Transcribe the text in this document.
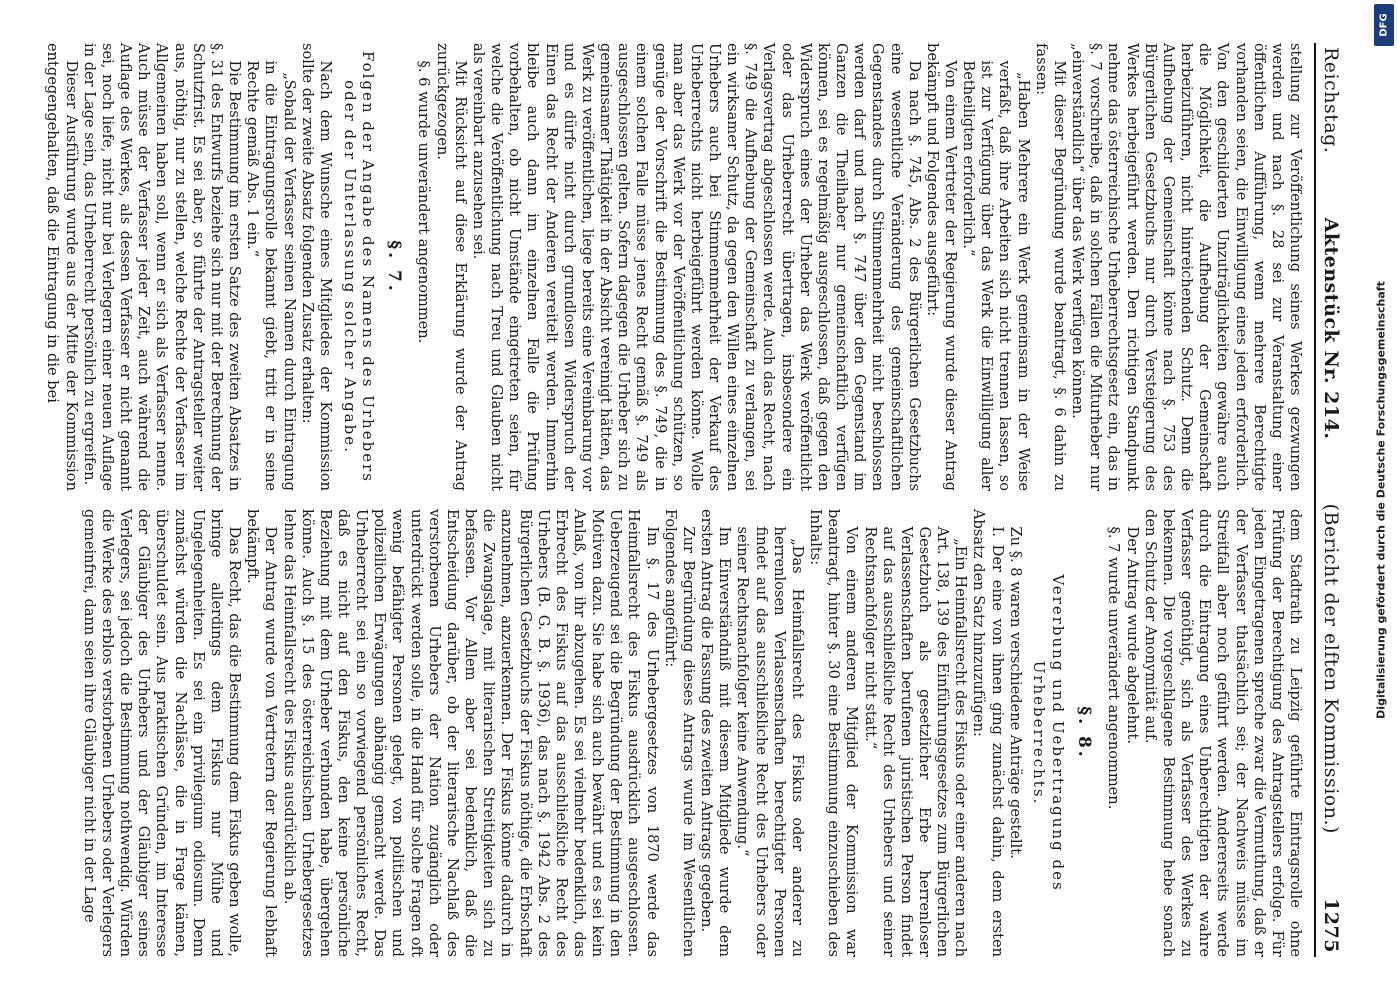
Reichstag.
Aktenstück Nr. 214.
(Bericht der elften Kommission.)
1275

stellung zur Veröffentlichung seines Werkes gezwungen werden und nach §. 28 sei zur Veranstaltung einer öffentlichen Aufführung, wenn mehrere Berechtigte vorhanden seien, die Einwilligung eines jeden erforderlich. Von den geschilderten Unzuträglichkeiten gewähre auch die Möglichkeit, die Aufhebung der Gemeinschaft herbeizuführen, nicht hinreichenden Schutz. Denn die Aufhebung der Gemeinschaft könne nach §. 753 des Bürgerlichen Gesetzbuchs nur durch Versteigerung des Werkes herbeigeführt werden. Den richtigen Standpunkt nehme das österreichische Urheberrechtsgesetz ein, das in §. 7 vorschreibe, daß in solchen Fällen die Miturheber nur „einverständlich“ über das Werk verfügen können.

Mit dieser Begründung wurde beantragt, §. 6 dahin zu fassen:

„Haben Mehrere ein Werk gemeinsam in der Weise verfaßt, daß ihre Arbeiten sich nicht trennen lassen, so ist zur Verfügung über das Werk die Einwilligung aller Betheiligten erforderlich.“

Von einem Vertreter der Regierung wurde dieser Antrag bekämpft und Folgendes ausgeführt:

Da nach §. 745, Abs. 2 des Bürgerlichen Gesetzbuchs eine wesentliche Veränderung des gemeinschaftlichen Gegenstandes durch Stimmenmehrheit nicht beschlossen werden darf und nach §. 747 über den Gegenstand im Ganzen die Theilhaber nur gemeinschaftlich verfügen können, sei es regelmäßig ausgeschlossen, daß gegen den Widerspruch eines der Urheber das Werk veröffentlicht oder das Urheberrecht übertragen, insbesondere ein Verlagsvertrag abgeschlossen werde. Auch das Recht, nach §. 749 die Aufhebung der Gemeinschaft zu verlangen, sei ein wirksamer Schutz, da gegen den Willen eines einzelnen Urhebers auch bei Stimmenmehrheit der Verkauf des Urheberrechts nicht herbeigeführt werden könne. Wolle man aber das Werk vor der Veröffentlichung schützen, so genüge der Vorschrift die Bestimmung des §. 749, die in einem solchen Falle müsse jenes Recht gemäß §. 749 als ausgeschlossen gelten. Sofern dagegen die Urheber sich zu gemeinsamer Thätigkeit in der Absicht vereinigt hätten, das Werk zu veröffentlichen, liege bereits eine Vereinbarung vor und es dürfe nicht durch grundlosen Widerspruch der Einen das Recht der Anderen vereitelt werden. Immerhin bleibe auch dann im einzelnen Falle die Prüfung vorbehalten, ob nicht Umstände eingetreten seien, für welche die Veröffentlichung nach Treu und Glauben nicht als vereinbart anzusehen sei.

Mit Rücksicht auf diese Erklärung wurde der Antrag zurückgezogen.

§. 6 wurde unverändert angenommen.

§. 7.

Folgen der Angabe des Namens des Urhebers oder der Unterlassung solcher Angabe.

Nach dem Wunsche eines Mitgliedes der Kommission sollte der zweite Absatz folgenden Zusatz erhalten:

„Sobald der Verfasser seinen Namen durch Eintragung in die Eintragungsrolle bekannt giebt, tritt er in seine Rechte gemäß Abs. 1 ein.“

Die Bestimmung im ersten Satze des zweiten Absatzes in §. 31 des Entwurfs beziehe sich nur mit der Berechnung der Schutzfrist. Es sei aber, so führte der Antragsteller weiter aus, nöthig, nur zu stellen, welche Rechte der Verfasser im Allgemeinen haben soll, wenn er sich als Verfasser nenne. Auch müsse der Verfasser jeder Zeit, auch während die Auflage des Werkes, als dessen Verfasser er nicht genannt sei, noch liefe, nicht nur bei Verlegern einer neuen Auflage in der Lage sein, das Urheberrecht persönlich zu ergreifen.

Dieser Ausführung wurde aus der Mitte der Kommission entgegengehalten, daß die Eintragung in die bei

dem Stadtrath zu Leipzig geführte Eintragsrolle ohne Prüfung der Berechtigung des Antragstellers erfolge. Für jeden Eingetragenen spreche zwar die Vermuthung, daß er der Verfasser thatsächlich sei; der Nachweis müsse im Streitfall aber noch geführt werden. Andererseits werde durch die Eintragung eines Unberechtigten der wahre Verfasser genöthigt, sich als Verfasser des Werkes zu bekennen. Die vorgeschlagene Bestimmung hebe sonach den Schutz der Anonymität auf.

Der Antrag wurde abgelehnt.

§. 7 wurde unverändert angenommen.

§. 8.

Vererbung und Uebertragung des Urheberrechts.

Zu §. 8 waren verschiedene Anträge gestellt.

I. Der eine von ihnen ging zunächst dahin, dem ersten Absatz den Satz hinzuzufügen:

„Ein Heimfallsrecht des Fiskus oder einer anderen nach Art. 138, 139 des Einführungsgesetzes zum Bürgerlichen Gesetzbuch als gesetzlicher Erbe herrenloser Verlassenschaften berufenen juristischen Person findet auf das ausschließliche Recht des Urhebers und seiner Rechtsnachfolger nicht statt.“

Von einem anderen Mitglied der Kommission war beantragt, hinter §. 30 eine Bestimmung einzuschieben des Inhalts:

„Das Heimfallsrecht des Fiskus oder anderer zu herrenlosen Verlassenschaften berechtigter Personen findet auf das ausschließliche Recht des Urhebers oder seiner Rechtsnachfolger keine Anwendung.“

Im Einverständniß mit diesem Mitgliede wurde dem ersten Antrag die Fassung des zweiten Antrags gegeben.

Zur Begründung dieses Antrags wurde im Wesentlichen Folgendes angeführt:

Im §. 17 des Urhebergesetzes von 1870 werde das Heimfallsrecht des Fiskus ausdrücklich ausgeschlossen. Ueberzeugend sei die Begründung der Bestimmung in den Motiven dazu. Sie habe sich auch bewährt und es sei kein Anlaß, von ihr abzugehen. Es sei vielmehr bedenklich, das Erbrecht des Fiskus auf das ausschließliche Recht des Urhebers (B. G. B. §. 1936), das nach §. 1942 Abs. 2 des Bürgerlichen Gesetzbuchs der Fiskus nöthige, die Erbschaft anzunehmen, anzuerkennen. Der Fiskus könne dadurch in die Zwangslage, mit literarischen Streitigkeiten sich zu befassen. Vor Allem aber sei bedenklich, daß die Entscheidung darüber, ob der literarische Nachlaß des verstorbenen Urhebers der Nation zugänglich oder unterdrückt werden solle, in die Hand für solche Fragen oft wenig befähigter Personen gelegt, von politischen und polizeilichen Erwägungen abhängig gemacht werde. Das Urheberrecht sei ein so vorwiegend persönliches Recht, daß es nicht auf den Fiskus, den keine persönliche Beziehung mit dem Urheber verbunden habe, übergehen könne. Auch §. 15 des österreichischen Urhebergesetzes lehne das Heimfallsrecht des Fiskus ausdrücklich ab.

Der Antrag wurde von Vertretern der Regierung lebhaft bekämpft.

Das Recht, das die Bestimmung dem Fiskus geben wolle, bringe allerdings dem Fiskus nur Mühe und Ungelegenheiten. Es sei ein privilegium odiosum. Denn zunächst würden die Nachlässe, die in Frage kämen, überschuldet sein. Aus praktischen Gründen, im Interesse der Gläubiger des Urhebers und der Gläubiger seines Verlegers, sei jedoch die Bestimmung nothwendig. Würden die Werke des erblos verstorbenen Urhebers oder Verlegers gemeinfrei, dann seien ihre Gläubiger nicht in der Lage	Digitalisierung gefördert durch die Deutsche Forschungsgemeinschaft
DFG
